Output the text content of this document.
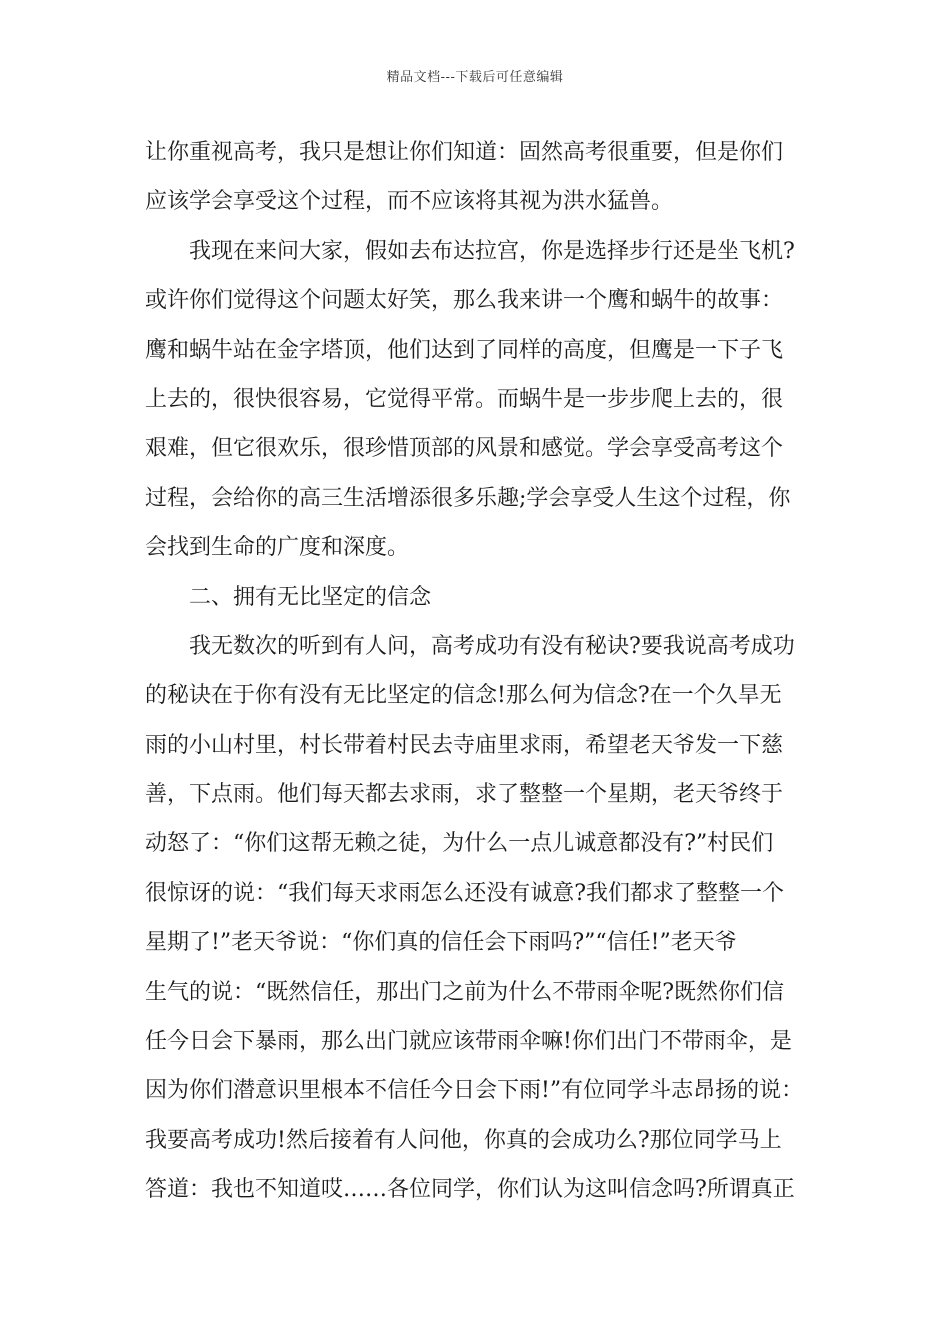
精品文档---下载后可任意编辑
让你重视高考，我只是想让你们知道：固然高考很重要，但是你们
应该学会享受这个过程，而不应该将其视为洪水猛兽。
我现在来问大家，假如去布达拉宫，你是选择步行还是坐飞机?
或许你们觉得这个问题太好笑，那么我来讲一个鹰和蜗牛的故事：
鹰和蜗牛站在金字塔顶，他们达到了同样的高度，但鹰是一下子飞
上去的，很快很容易，它觉得平常。而蜗牛是一步步爬上去的，很
艰难，但它很欢乐，很珍惜顶部的风景和感觉。学会享受高考这个
过程，会给你的高三生活增添很多乐趣;学会享受人生这个过程，你
会找到生命的广度和深度。
二、拥有无比坚定的信念
我无数次的听到有人问，高考成功有没有秘诀?要我说高考成功
的秘诀在于你有没有无比坚定的信念!那么何为信念?在一个久旱无
雨的小山村里，村长带着村民去寺庙里求雨，希望老天爷发一下慈
善，下点雨。他们每天都去求雨，求了整整一个星期，老天爷终于
动怒了：“你们这帮无赖之徒，为什么一点儿诚意都没有?”村民们
很惊讶的说：“我们每天求雨怎么还没有诚意?我们都求了整整一个
星期了!”老天爷说：“你们真的信任会下雨吗?”“信任!”老天爷
生气的说：“既然信任，那出门之前为什么不带雨伞呢?既然你们信
任今日会下暴雨，那么出门就应该带雨伞嘛!你们出门不带雨伞，是
因为你们潜意识里根本不信任今日会下雨!”有位同学斗志昂扬的说：
我要高考成功!然后接着有人问他，你真的会成功么?那位同学马上
答道：我也不知道哎……各位同学，你们认为这叫信念吗?所谓真正
